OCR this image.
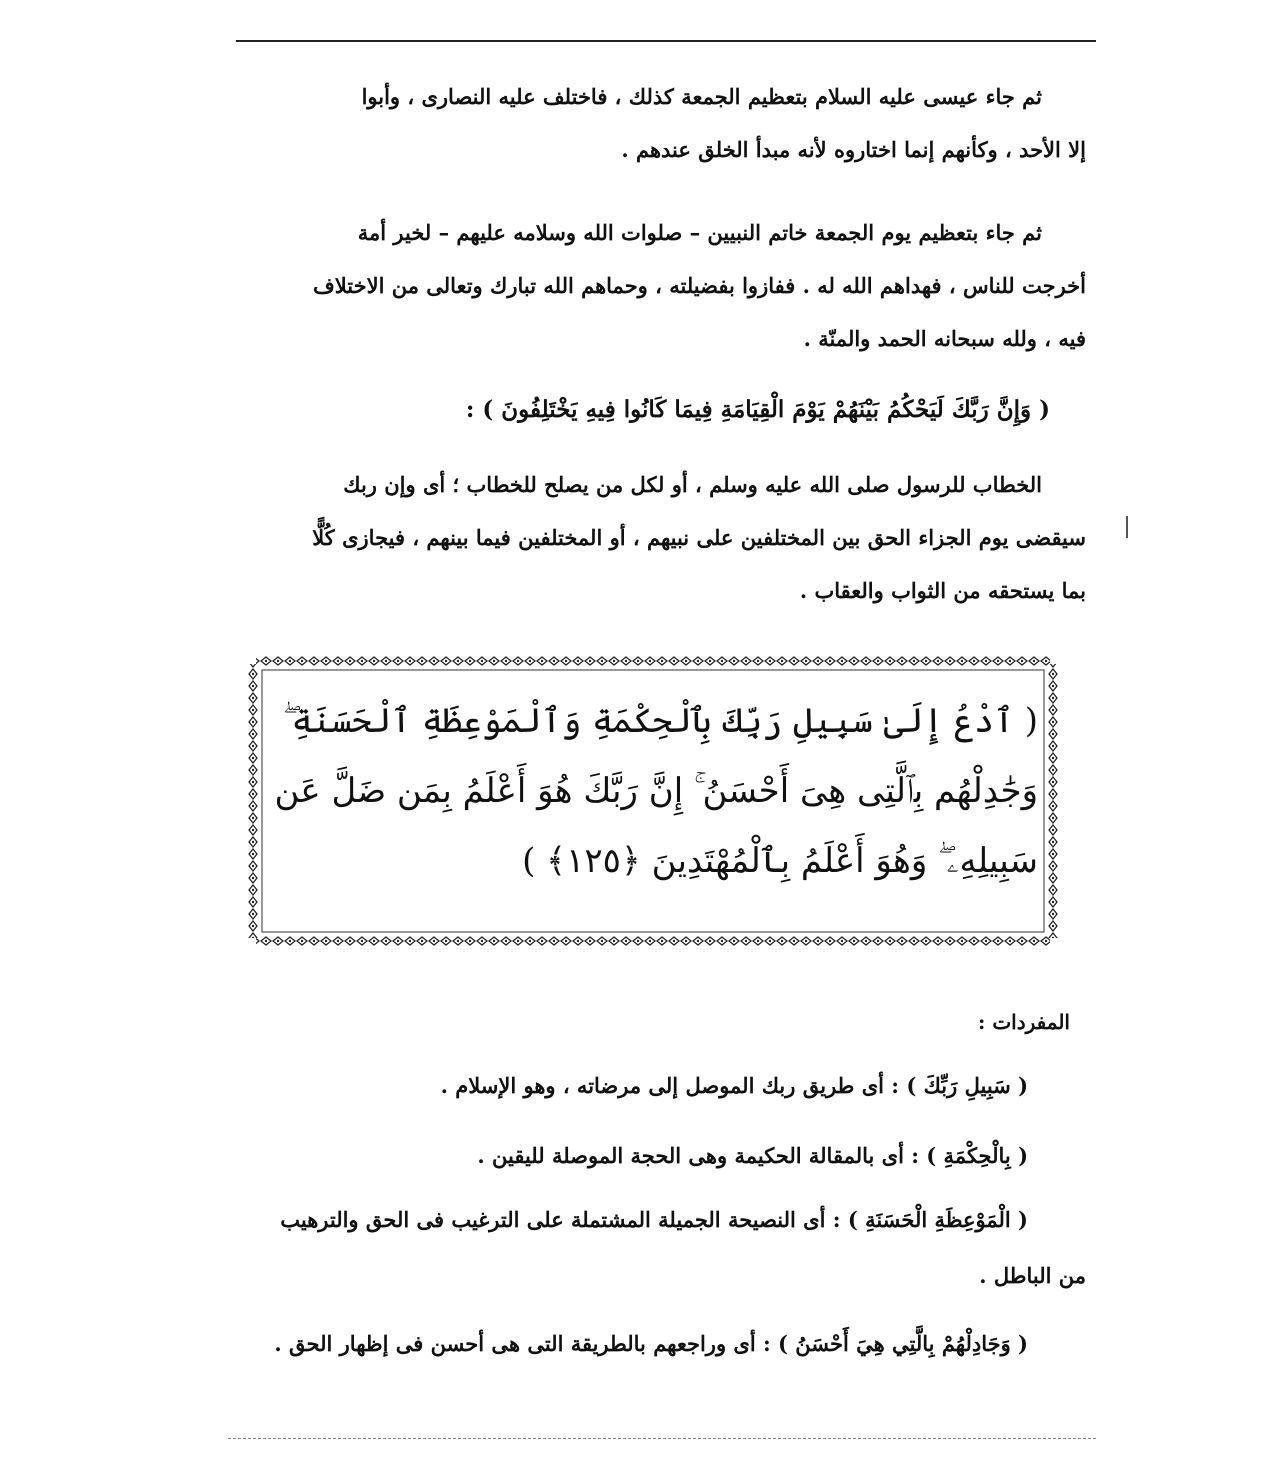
ثم جاء عيسى عليه السلام بتعظيم الجمعة كذلك ، فاختلف عليه النصارى ، وأبوا
إلا الأحد ، وكأنهم إنما اختاروه لأنه مبدأ الخلق عندهم .
ثم جاء بتعظيم يوم الجمعة خاتم النبيين – صلوات الله وسلامه عليهم – لخير أمة
أخرجت للناس ، فهداهم الله له . ففازوا بفضيلته ، وحماهم الله تبارك وتعالى من الاختلاف
فيه ، ولله سبحانه الحمد والمنّة .
( وَإِنَّ رَبَّكَ لَيَحْكُمُ بَيْنَهُمْ يَوْمَ الْقِيَامَةِ فِيمَا كَانُوا فِيهِ يَخْتَلِفُونَ ) :
الخطاب للرسول صلى الله عليه وسلم ، أو لكل من يصلح للخطاب ؛ أى وإن ربك
سيقضى يوم الجزاء الحق بين المختلفين على نبيهم ، أو المختلفين فيما بينهم ، فيجازى كُلًّا
بما يستحقه من الثواب والعقاب .
( ٱدْعُ إِلَىٰ سَبِيلِ رَبِّكَ بِٱلْحِكْمَةِ وَٱلْمَوْعِظَةِ ٱلْحَسَنَةِ ۖ
وَجَٰدِلْهُم بِٱلَّتِى هِىَ أَحْسَنُ ۚ إِنَّ رَبَّكَ هُوَ أَعْلَمُ بِمَن ضَلَّ عَن
سَبِيلِهِۦ ۖ وَهُوَ أَعْلَمُ بِٱلْمُهْتَدِينَ ﴿١٢٥﴾ )
المفردات :
( سَبِيلِ رَبِّكَ ) : أى طريق ربك الموصل إلى مرضاته ، وهو الإسلام .
( بِالْحِكْمَةِ ) : أى بالمقالة الحكيمة وهى الحجة الموصلة لليقين .
( الْمَوْعِظَةِ الْحَسَنَةِ ) : أى النصيحة الجميلة المشتملة على الترغيب فى الحق والترهيب
من الباطل .
( وَجَادِلْهُمْ بِالَّتِي هِيَ أَحْسَنُ ) : أى وراجعهم بالطريقة التى هى أحسن فى إظهار الحق .
